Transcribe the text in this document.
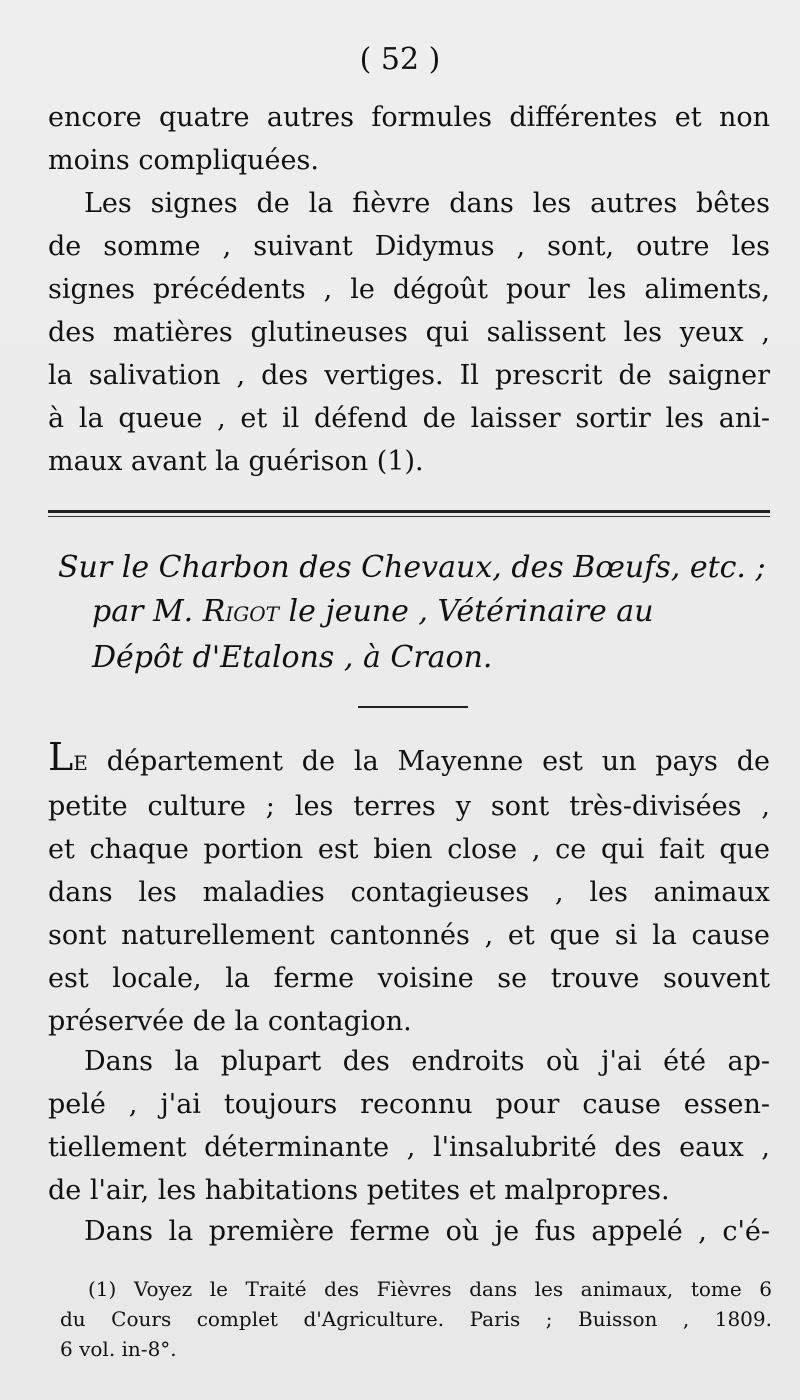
( 52 )
encore quatre autres formules différentes et non
moins compliquées.
Les signes de la fièvre dans les autres bêtes
de somme , suivant Didymus , sont, outre les
signes précédents , le dégoût pour les aliments,
des matières glutineuses qui salissent les yeux ,
la salivation , des vertiges. Il prescrit de saigner
à la queue , et il défend de laisser sortir les ani-
maux avant la guérison (1).
Sur le Charbon des Chevaux, des Bœufs, etc. ;
par M. RIGOT le jeune , Vétérinaire au
Dépôt d'Etalons , à Craon.
LE département de la Mayenne est un pays de
petite culture ; les terres y sont très-divisées ,
et chaque portion est bien close , ce qui fait que
dans les maladies contagieuses , les animaux
sont naturellement cantonnés , et que si la cause
est locale, la ferme voisine se trouve souvent
préservée de la contagion.
Dans la plupart des endroits où j'ai été ap-
pelé , j'ai toujours reconnu pour cause essen-
tiellement déterminante , l'insalubrité des eaux ,
de l'air, les habitations petites et malpropres.
Dans la première ferme où je fus appelé , c'é-
(1) Voyez le Traité des Fièvres dans les animaux, tome 6
du Cours complet d'Agriculture. Paris ; Buisson , 1809.
6 vol. in-8°.
